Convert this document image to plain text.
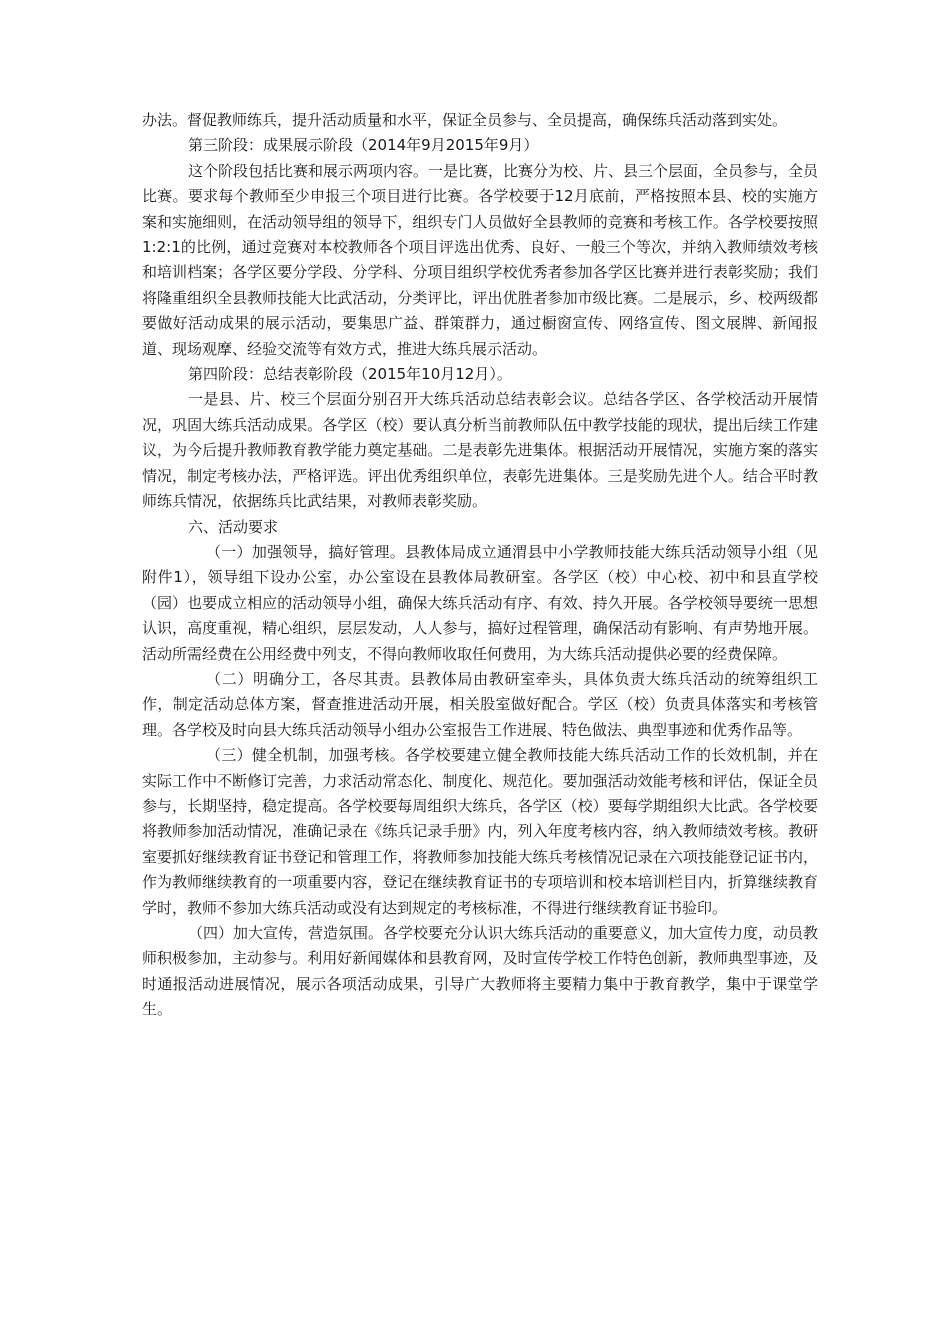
办法。督促教师练兵，提升活动质量和水平，保证全员参与、全员提高，确保练兵活动落到实处。

第三阶段：成果展示阶段（2014年9月2015年9月）

这个阶段包括比赛和展示两项内容。一是比赛，比赛分为校、片、县三个层面，全员参与，全员比赛。要求每个教师至少申报三个项目进行比赛。各学校要于12月底前，严格按照本县、校的实施方案和实施细则，在活动领导组的领导下，组织专门人员做好全县教师的竞赛和考核工作。各学校要按照1:2:1的比例，通过竞赛对本校教师各个项目评选出优秀、良好、一般三个等次，并纳入教师绩效考核和培训档案；各学区要分学段、分学科、分项目组织学校优秀者参加各学区比赛并进行表彰奖励；我们将隆重组织全县教师技能大比武活动，分类评比，评出优胜者参加市级比赛。二是展示，乡、校两级都要做好活动成果的展示活动，要集思广益、群策群力，通过橱窗宣传、网络宣传、图文展牌、新闻报道、现场观摩、经验交流等有效方式，推进大练兵展示活动。

第四阶段：总结表彰阶段（2015年10月12月）。

一是县、片、校三个层面分别召开大练兵活动总结表彰会议。总结各学区、各学校活动开展情况，巩固大练兵活动成果。各学区（校）要认真分析当前教师队伍中教学技能的现状，提出后续工作建议，为今后提升教师教育教学能力奠定基础。二是表彰先进集体。根据活动开展情况，实施方案的落实情况，制定考核办法，严格评选。评出优秀组织单位，表彰先进集体。三是奖励先进个人。结合平时教师练兵情况，依据练兵比武结果，对教师表彰奖励。

六、活动要求

（一）加强领导，搞好管理。县教体局成立通渭县中小学教师技能大练兵活动领导小组（见附件1），领导组下设办公室，办公室设在县教体局教研室。各学区（校）中心校、初中和县直学校（园）也要成立相应的活动领导小组，确保大练兵活动有序、有效、持久开展。各学校领导要统一思想认识，高度重视，精心组织，层层发动，人人参与，搞好过程管理，确保活动有影响、有声势地开展。活动所需经费在公用经费中列支，不得向教师收取任何费用，为大练兵活动提供必要的经费保障。

（二）明确分工，各尽其责。县教体局由教研室牵头，具体负责大练兵活动的统筹组织工作，制定活动总体方案，督查推进活动开展，相关股室做好配合。学区（校）负责具体落实和考核管理。各学校及时向县大练兵活动领导小组办公室报告工作进展、特色做法、典型事迹和优秀作品等。

（三）健全机制，加强考核。各学校要建立健全教师技能大练兵活动工作的长效机制，并在实际工作中不断修订完善，力求活动常态化、制度化、规范化。要加强活动效能考核和评估，保证全员参与，长期坚持，稳定提高。各学校要每周组织大练兵，各学区（校）要每学期组织大比武。各学校要将教师参加活动情况，准确记录在《练兵记录手册》内，列入年度考核内容，纳入教师绩效考核。教研室要抓好继续教育证书登记和管理工作，将教师参加技能大练兵考核情况记录在六项技能登记证书内，作为教师继续教育的一项重要内容，登记在继续教育证书的专项培训和校本培训栏目内，折算继续教育学时，教师不参加大练兵活动或没有达到规定的考核标准，不得进行继续教育证书验印。

（四）加大宣传，营造氛围。各学校要充分认识大练兵活动的重要意义，加大宣传力度，动员教师积极参加，主动参与。利用好新闻媒体和县教育网，及时宣传学校工作特色创新，教师典型事迹，及时通报活动进展情况，展示各项活动成果，引导广大教师将主要精力集中于教育教学，集中于课堂学生。
